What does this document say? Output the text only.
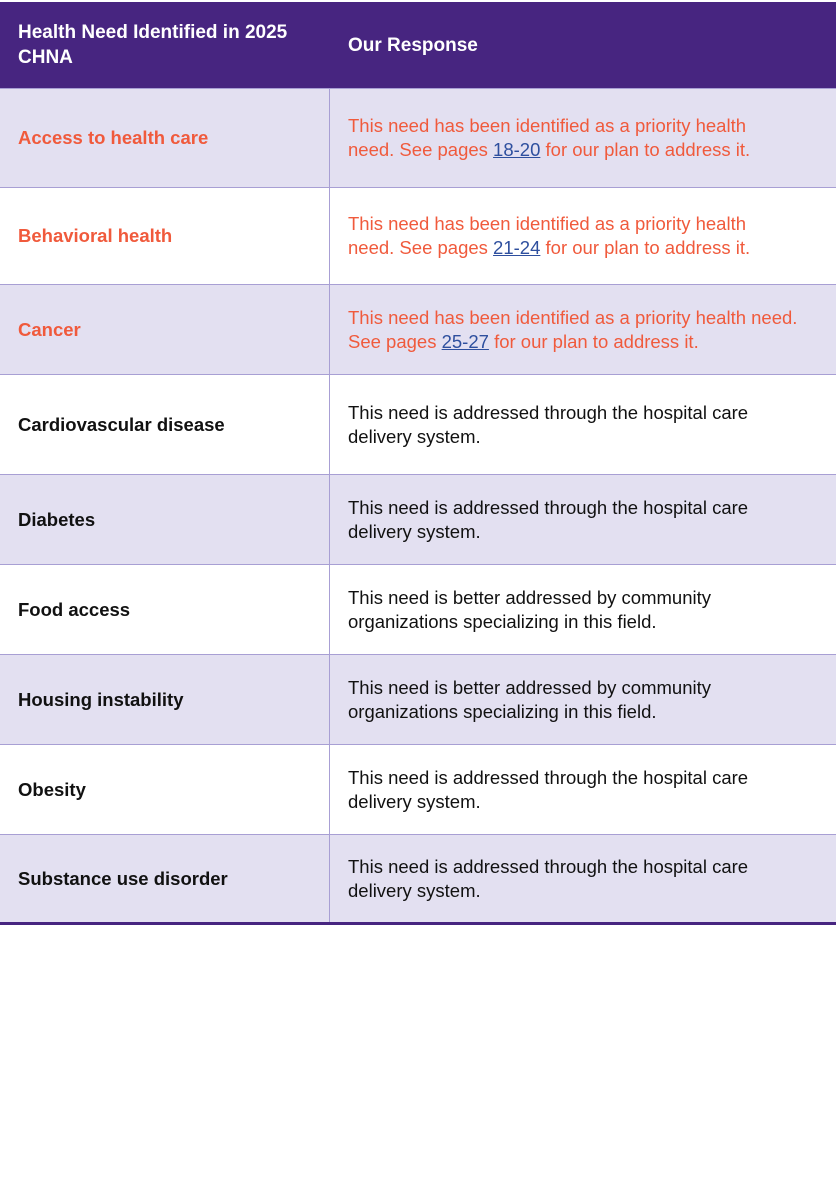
Health Need Identified in 2025 CHNA
Our Response
Access to health care
This need has been identified as a priority health need. See pages 18-20 for our plan to address it.
Behavioral health
This need has been identified as a priority health need. See pages 21-24 for our plan to address it.
Cancer
This need has been identified as a priority health need. See pages 25-27 for our plan to address it.
Cardiovascular disease
This need is addressed through the hospital care delivery system.
Diabetes
This need is addressed through the hospital care delivery system.
Food access
This need is better addressed by community organizations specializing in this field.
Housing instability
This need is better addressed by community organizations specializing in this field.
Obesity
This need is addressed through the hospital care delivery system.
Substance use disorder
This need is addressed through the hospital care delivery system.
